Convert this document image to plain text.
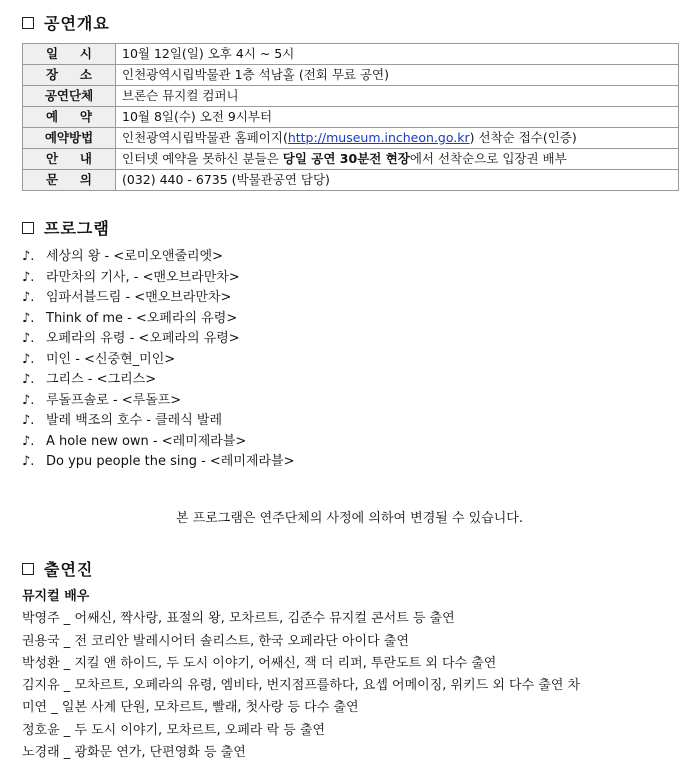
공연개요
일 시	10월 12일(일) 오후 4시 ~ 5시

장 소	인천광역시립박물관 1층 석남홀 (전회 무료 공연)
공연단체	브론슨 뮤지컬 컴퍼니

예 약	10월 8일(수) 오전 9시부터
예약방법	인천광역시립박물관 홈페이지(http://museum.incheon.go.kr) 선착순 접수(인증)

안 내	인터넷 예약을 못하신 분들은 당일 공연 30분전 현장에서 선착순으로 입장권 배부

문 의	(032) 440 - 6735 (박물관공연 담당)
프로그램
♪. 세상의 왕 - <로미오앤줄리엣>
♪. 라만차의 기사, - <맨오브라만차>
♪. 임파서블드림 - <맨오브라만차>
♪. Think of me - <오페라의 유령>
♪. 오페라의 유령 - <오페라의 유령>
♪. 미인 - <신중현_미인>
♪. 그리스 - <그리스>
♪. 루돌프솔로 - <루돌프>
♪. 발레 백조의 호수 - 클레식 발레
♪. A hole new own - <레미제라블>
♪. Do ypu people the sing - <레미제라블>
본 프로그램은 연주단체의 사정에 의하여 변경될 수 있습니다.
출연진
뮤지컬 배우
박영주 _ 어쌔신, 짝사랑, 표절의 왕, 모차르트, 김준수 뮤지컬 콘서트 등 출연
권용국 _ 전 코리안 발레시어터 솔리스트, 한국 오페라단 아이다 출연
박성환 _ 지킬 앤 하이드, 두 도시 이야기, 어쌔신, 잭 더 리퍼, 투란도트 외 다수 출연
김지유 _ 모차르트, 오페라의 유령, 엠비타, 번지점프를하다, 요셉 어메이징, 위키드 외 다수 출연 차
미연 _ 일본 사계 단원, 모차르트, 빨래, 첫사랑 등 다수 출연
정호윤 _ 두 도시 이야기, 모차르트, 오페라 락 등 출연
노경래 _ 광화문 연가, 단편영화 등 출연
